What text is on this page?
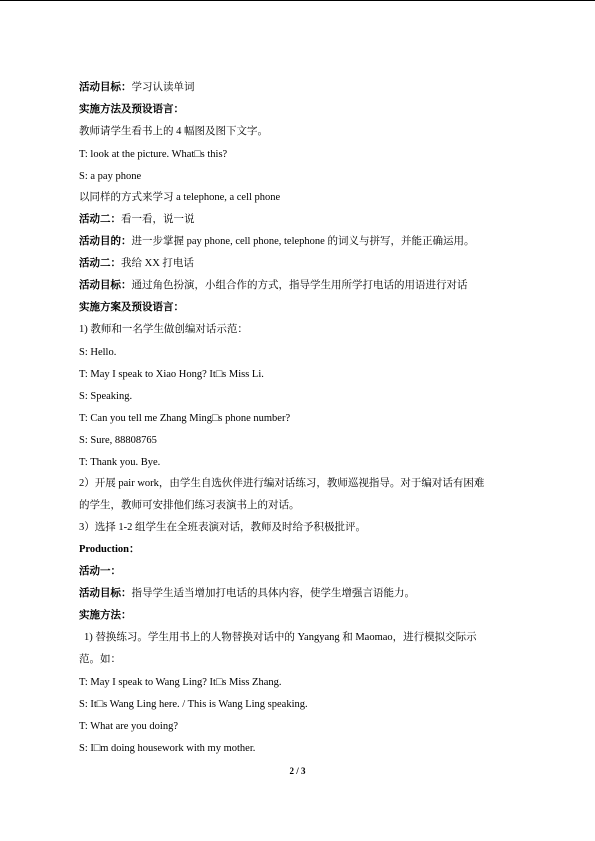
活动目标：学习认读单词
实施方法及预设语言：
教师请学生看书上的 4 幅图及图下文字。
T: look at the picture. What□s this?
S: a pay phone
以同样的方式来学习 a telephone, a cell phone
活动二：看一看，说一说
活动目的：进一步掌握 pay phone, cell phone, telephone 的词义与拼写，并能正确运用。
活动二：我给 XX 打电话
活动目标：通过角色扮演，小组合作的方式，指导学生用所学打电话的用语进行对话
实施方案及预设语言：
1) 教师和一名学生做创编对话示范：
S: Hello.
T: May I speak to Xiao Hong? It□s Miss Li.
S: Speaking.
T: Can you tell me Zhang Ming□s phone number?
S: Sure, 88808765
T: Thank you. Bye.
2）开展 pair work，由学生自选伙伴进行编对话练习，教师巡视指导。对于编对话有困难
的学生，教师可安排他们练习表演书上的对话。
3）选择 1-2 组学生在全班表演对话，教师及时给予积极批评。
Production：
活动一：
活动目标：指导学生适当增加打电话的具体内容，使学生增强言语能力。
实施方法：
1) 替换练习。学生用书上的人物替换对话中的 Yangyang 和 Maomao，进行模拟交际示
范。如：
T: May I speak to Wang Ling? It□s Miss Zhang.
S: It□s Wang Ling here. / This is Wang Ling speaking.
T: What are you doing?
S: I□m doing housework with my mother.
2 / 3
